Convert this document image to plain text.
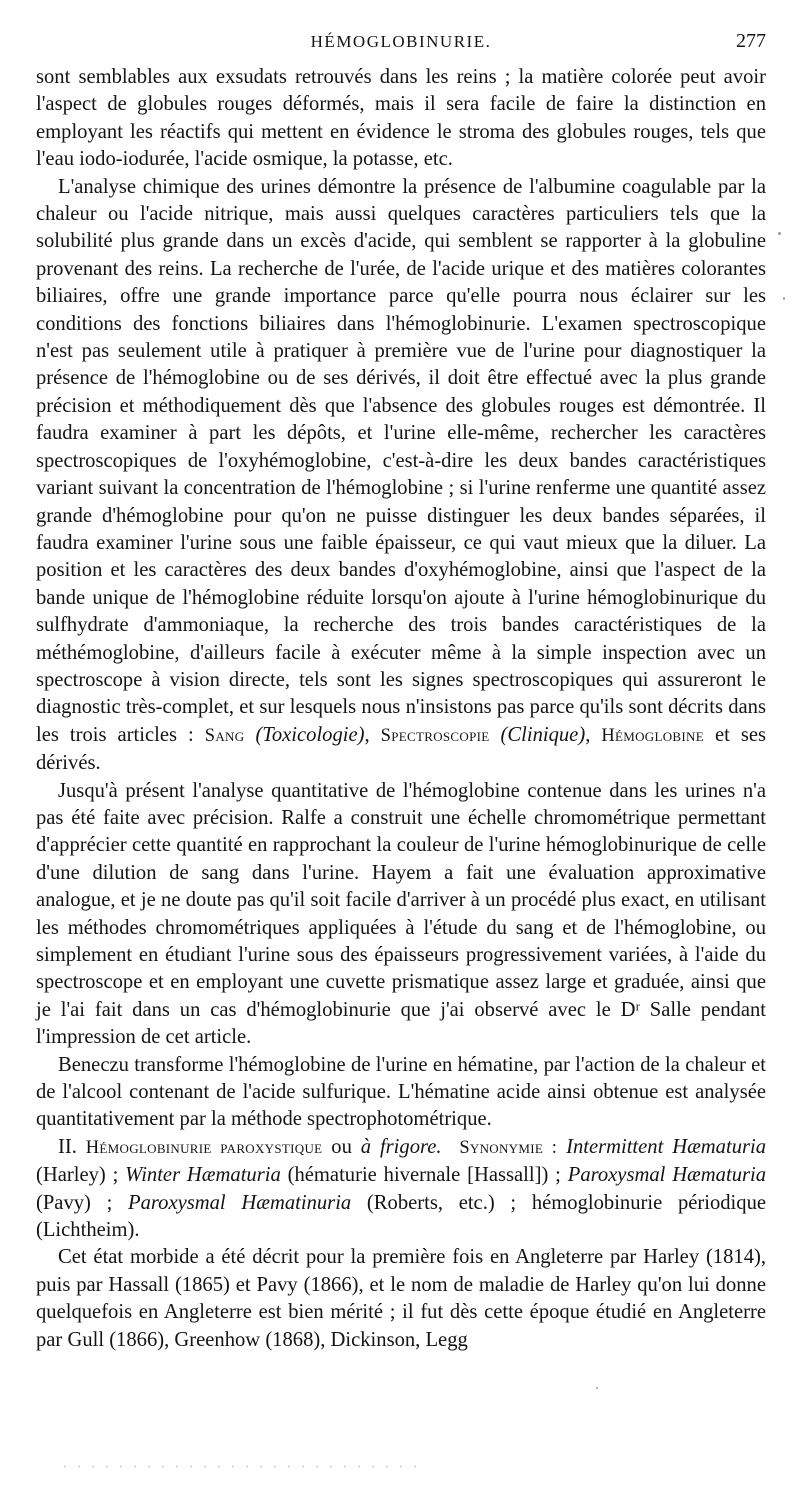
HÉMOGLOBINURIE.	277

sont semblables aux exsudats retrouvés dans les reins ; la matière colorée peut avoir l'aspect de globules rouges déformés, mais il sera facile de faire la distinction en employant les réactifs qui mettent en évidence le stroma des globules rouges, tels que l'eau iodo-iodurée, l'acide osmique, la potasse, etc.

L'analyse chimique des urines démontre la présence de l'albumine coagulable par la chaleur ou l'acide nitrique, mais aussi quelques caractères particuliers tels que la solubilité plus grande dans un excès d'acide, qui semblent se rapporter à la globuline provenant des reins. La recherche de l'urée, de l'acide urique et des matières colorantes biliaires, offre une grande importance parce qu'elle pourra nous éclairer sur les conditions des fonctions biliaires dans l'hémoglobinurie. L'examen spectroscopique n'est pas seulement utile à pratiquer à première vue de l'urine pour diagnostiquer la présence de l'hémoglobine ou de ses dérivés, il doit être effectué avec la plus grande précision et méthodiquement dès que l'absence des globules rouges est démontrée. Il faudra examiner à part les dépôts, et l'urine elle-même, rechercher les caractères spectroscopiques de l'oxyhémoglobine, c'est-à-dire les deux bandes caractéristiques variant suivant la concentration de l'hémoglobine ; si l'urine renferme une quantité assez grande d'hémoglobine pour qu'on ne puisse distinguer les deux bandes séparées, il faudra examiner l'urine sous une faible épaisseur, ce qui vaut mieux que la diluer. La position et les caractères des deux bandes d'oxyhémoglobine, ainsi que l'aspect de la bande unique de l'hémoglobine réduite lorsqu'on ajoute à l'urine hémoglobinurique du sulfhydrate d'ammoniaque, la recherche des trois bandes caractéristiques de la méthémoglobine, d'ailleurs facile à exécuter même à la simple inspection avec un spectroscope à vision directe, tels sont les signes spectroscopiques qui assureront le diagnostic très-complet, et sur lesquels nous n'insistons pas parce qu'ils sont décrits dans les trois articles : Sang (Toxicologie), Spectroscopie (Clinique), Hémoglobine et ses dérivés.

Jusqu'à présent l'analyse quantitative de l'hémoglobine contenue dans les urines n'a pas été faite avec précision. Ralfe a construit une échelle chromométrique permettant d'apprécier cette quantité en rapprochant la couleur de l'urine hémoglobinurique de celle d'une dilution de sang dans l'urine. Hayem a fait une évaluation approximative analogue, et je ne doute pas qu'il soit facile d'arriver à un procédé plus exact, en utilisant les méthodes chromométriques appliquées à l'étude du sang et de l'hémoglobine, ou simplement en étudiant l'urine sous des épaisseurs progressivement variées, à l'aide du spectroscope et en employant une cuvette prismatique assez large et graduée, ainsi que je l'ai fait dans un cas d'hémoglobinurie que j'ai observé avec le Dʳ Salle pendant l'impression de cet article.

Beneczu transforme l'hémoglobine de l'urine en hématine, par l'action de la chaleur et de l'alcool contenant de l'acide sulfurique. L'hématine acide ainsi obtenue est analysée quantitativement par la méthode spectrophotométrique.

II. Hémoglobinurie paroxystique ou à frigore. Synonymie : Intermittent Hæmaturia (Harley) ; Winter Hæmaturia (hématurie hivernale [Hassall]) ; Paroxysmal Hæmaturia (Pavy) ; Paroxysmal Hæmatinuria (Roberts, etc.) ; hémoglobinurie périodique (Lichtheim).

Cet état morbide a été décrit pour la première fois en Angleterre par Harley (1814), puis par Hassall (1865) et Pavy (1866), et le nom de maladie de Harley qu'on lui donne quelquefois en Angleterre est bien mérité ; il fut dès cette époque étudié en Angleterre par Gull (1866), Greenhow (1868), Dickinson, Legg
